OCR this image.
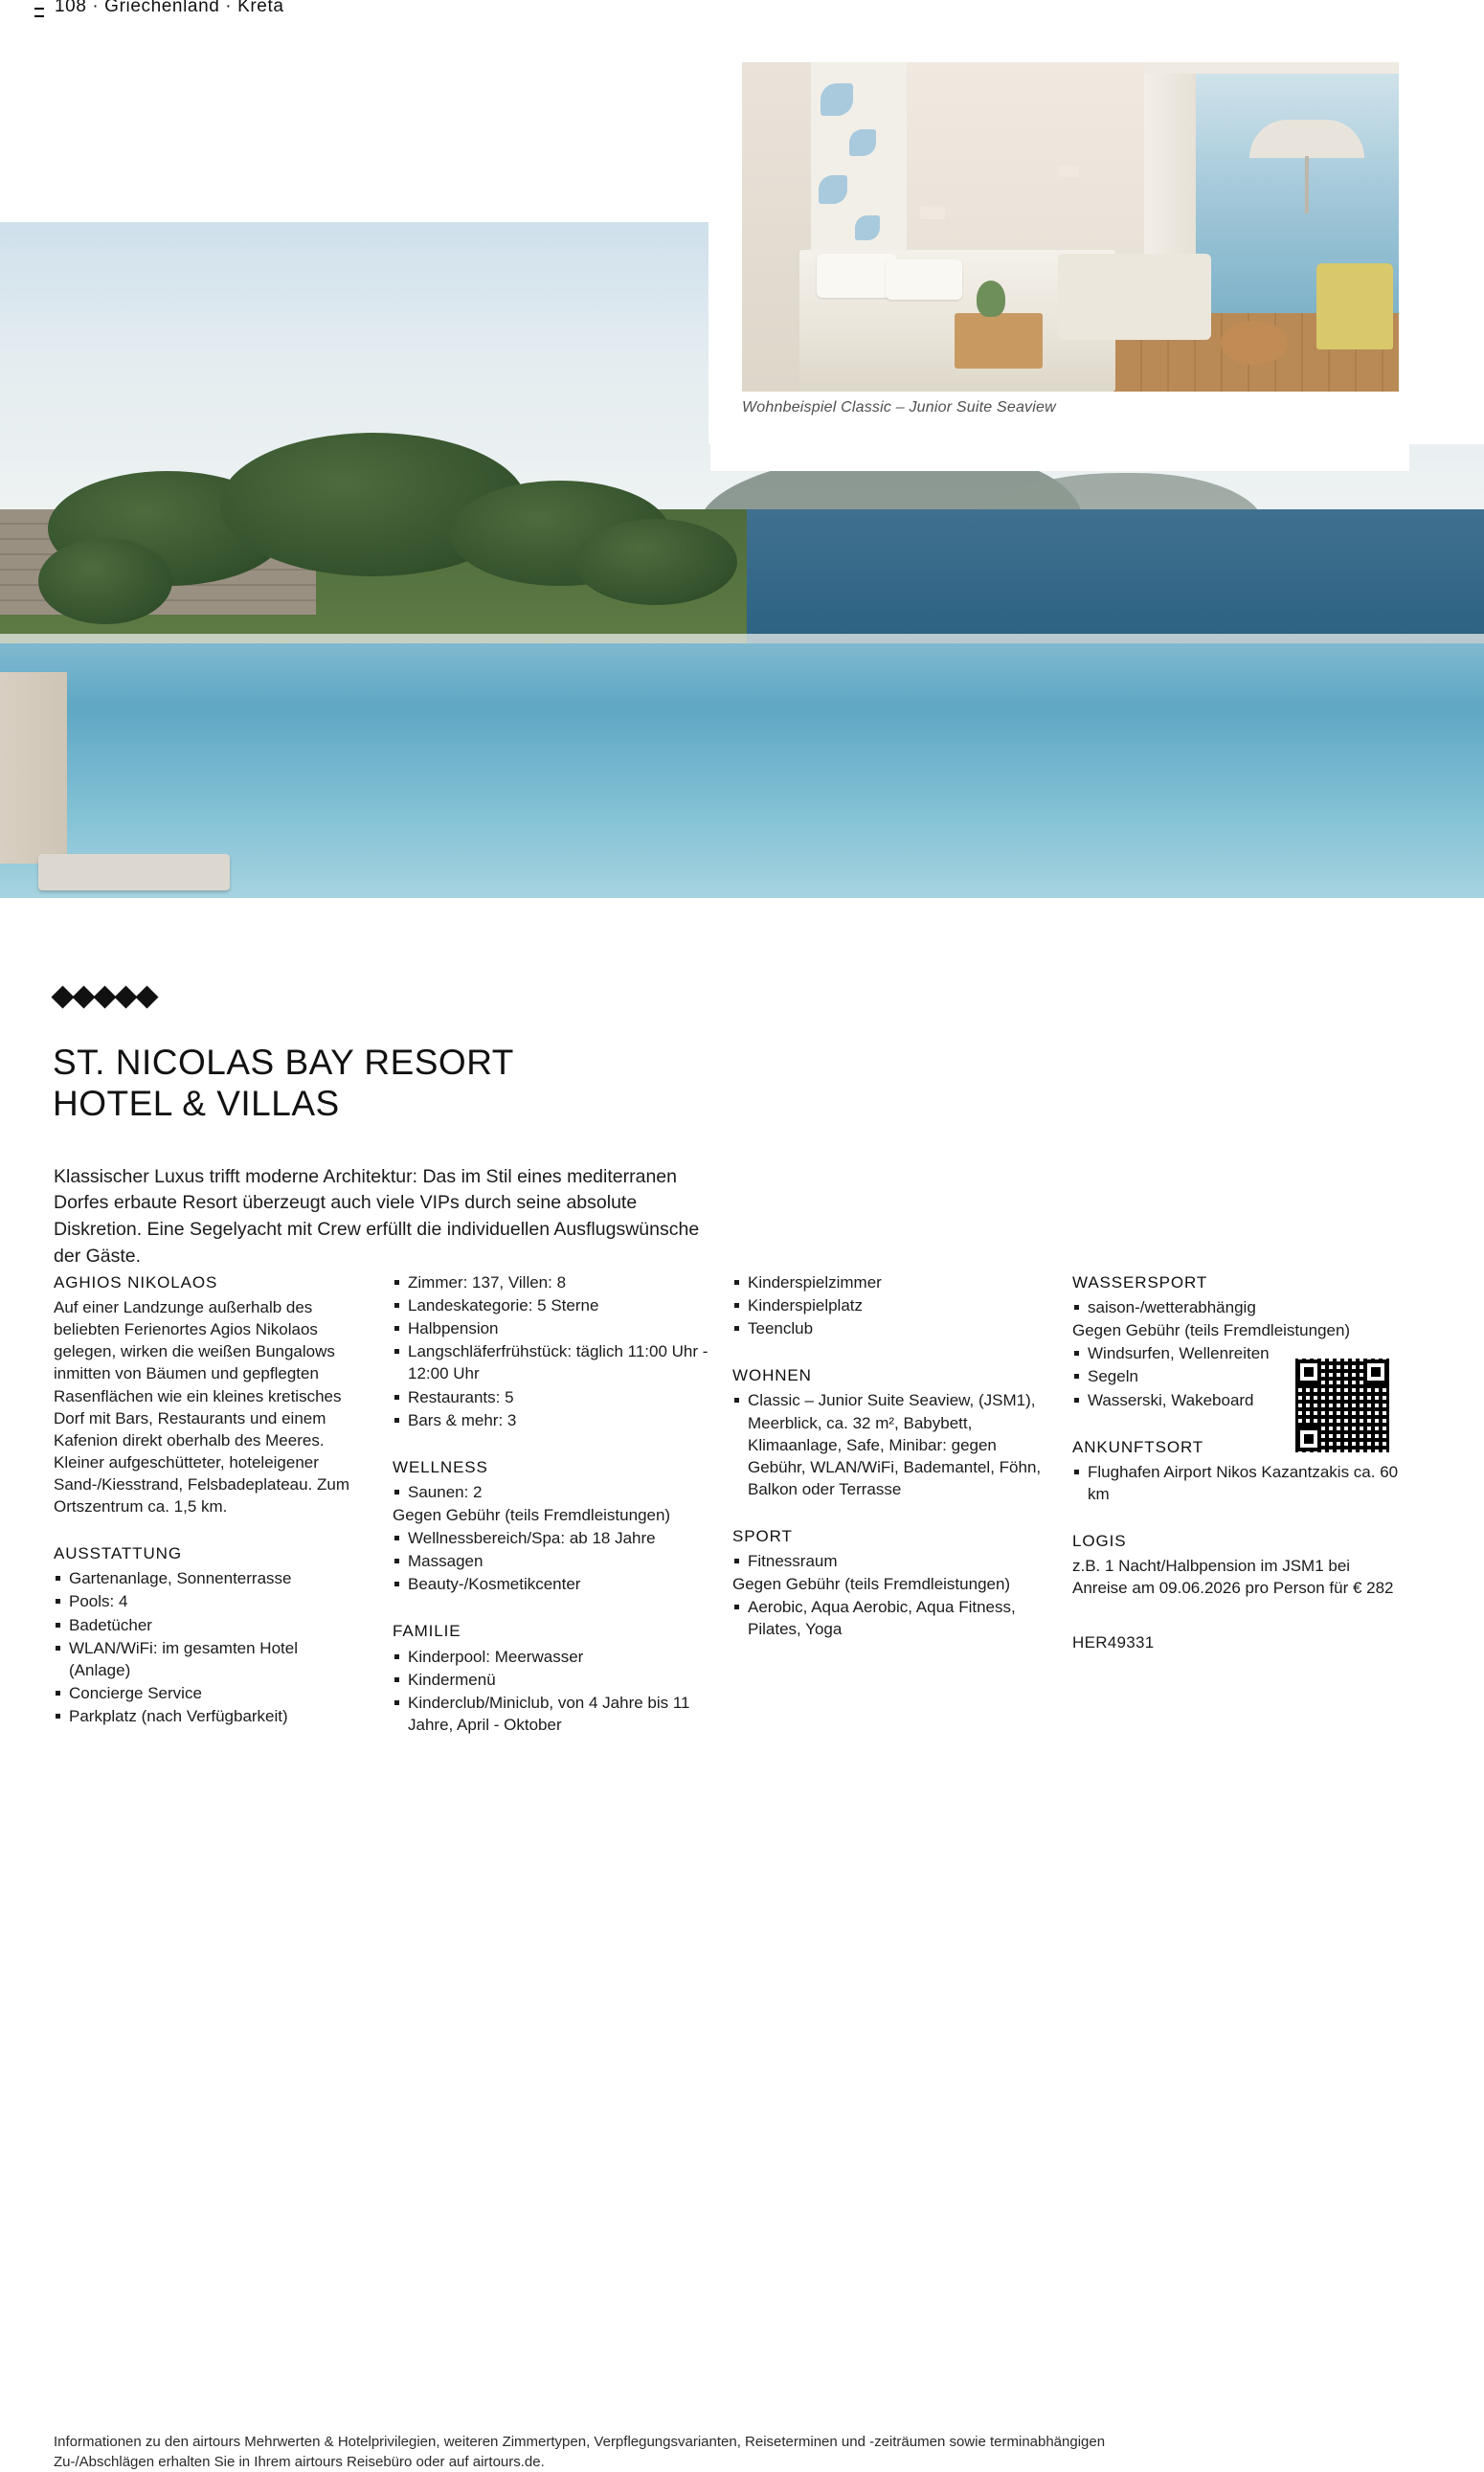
108 · Griechenland · Kreta
Wohnbeispiel Classic – Junior Suite Seaview
ST. NICOLAS BAY RESORT
HOTEL & VILLAS

Klassischer Luxus trifft moderne Architektur: Das im Stil eines mediterranen Dorfes erbaute Resort überzeugt auch viele VIPs durch seine absolute Diskretion. Eine Segelyacht mit Crew erfüllt die individuellen Ausflugswünsche der Gäste.

AGHIOS NIKOLAOS

Auf einer Landzunge außerhalb des beliebten Ferienortes Agios Nikolaos gelegen, wirken die weißen Bungalows inmitten von Bäumen und gepflegten Rasenflächen wie ein kleines kretisches Dorf mit Bars, Restaurants und einem Kafenion direkt oberhalb des Meeres. Kleiner aufgeschütteter, hoteleigener Sand-/Kiesstrand, Felsbadeplateau. Zum Ortszentrum ca. 1,5 km.

AUSSTATTUNG
Gartenanlage, Sonnenterrasse
Pools: 4
Badetücher
WLAN/WiFi: im gesamten Hotel (Anlage)
Concierge Service
Parkplatz (nach Verfügbarkeit)
Zimmer: 137, Villen: 8
Landeskategorie: 5 Sterne
Halbpension
Langschläferfrühstück: täglich 11:00 Uhr - 12:00 Uhr
Restaurants: 5
Bars & mehr: 3
WELLNESS
Saunen: 2
Gegen Gebühr (teils Fremdleistungen)
Wellnessbereich/Spa: ab 18 Jahre
Massagen
Beauty-/Kosmetikcenter
FAMILIE
Kinderpool: Meerwasser
Kindermenü
Kinderclub/Miniclub, von 4 Jahre bis 11 Jahre, April - Oktober
Kinderspielzimmer
Kinderspielplatz
Teenclub
WOHNEN
Classic – Junior Suite Seaview, (JSM1), Meerblick, ca. 32 m², Babybett, Klimaanlage, Safe, Minibar: gegen Gebühr, WLAN/WiFi, Bademantel, Föhn, Balkon oder Terrasse
SPORT
Fitnessraum
Gegen Gebühr (teils Fremdleistungen)
Aerobic, Aqua Aerobic, Aqua Fitness, Pilates, Yoga
WASSERSPORT
saison-/wetterabhängig
Gegen Gebühr (teils Fremdleistungen)
Windsurfen, Wellenreiten
Segeln
Wasserski, Wakeboard
ANKUNFTSORT
Flughafen Airport Nikos Kazantzakis ca. 60 km
LOGIS

z.B. 1 Nacht/Halbpension im JSM1 bei Anreise am 09.06.2026 pro Person für € 282

HER49331
Informationen zu den airtours Mehrwerten & Hotelprivilegien, weiteren Zimmertypen, Verpflegungsvarianten, Reiseterminen und -zeiträumen sowie terminabhängigen Zu-/Abschlägen erhalten Sie in Ihrem airtours Reisebüro oder auf airtours.de.
